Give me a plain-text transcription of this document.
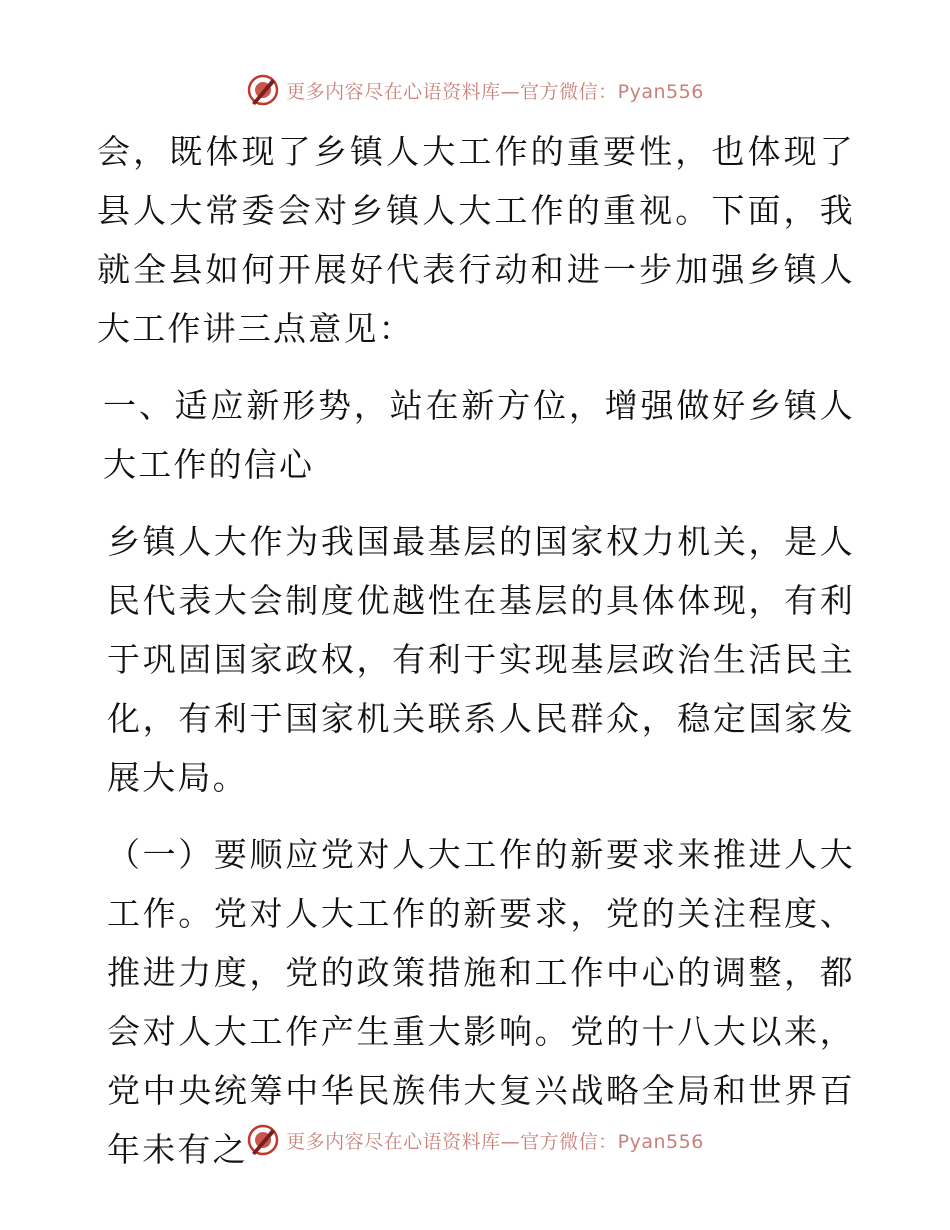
更多内容尽在心语资料库—官方微信：Pyan556

会，既体现了乡镇人大工作的重要性，也体现了县人大常委会对乡镇人大工作的重视。下面，我就全县如何开展好代表行动和进一步加强乡镇人大工作讲三点意见：

一、适应新形势，站在新方位，增强做好乡镇人大工作的信心

乡镇人大作为我国最基层的国家权力机关，是人民代表大会制度优越性在基层的具体体现，有利于巩固国家政权，有利于实现基层政治生活民主化，有利于国家机关联系人民群众，稳定国家发展大局。

（一）要顺应党对人大工作的新要求来推进人大工作。党对人大工作的新要求，党的关注程度、推进力度，党的政策措施和工作中心的调整，都会对人大工作产生重大影响。党的十八大以来，党中央统筹中华民族伟大复兴战略全局和世界百年未有之	更多内容尽在心语资料库—官方微信：Pyan556
